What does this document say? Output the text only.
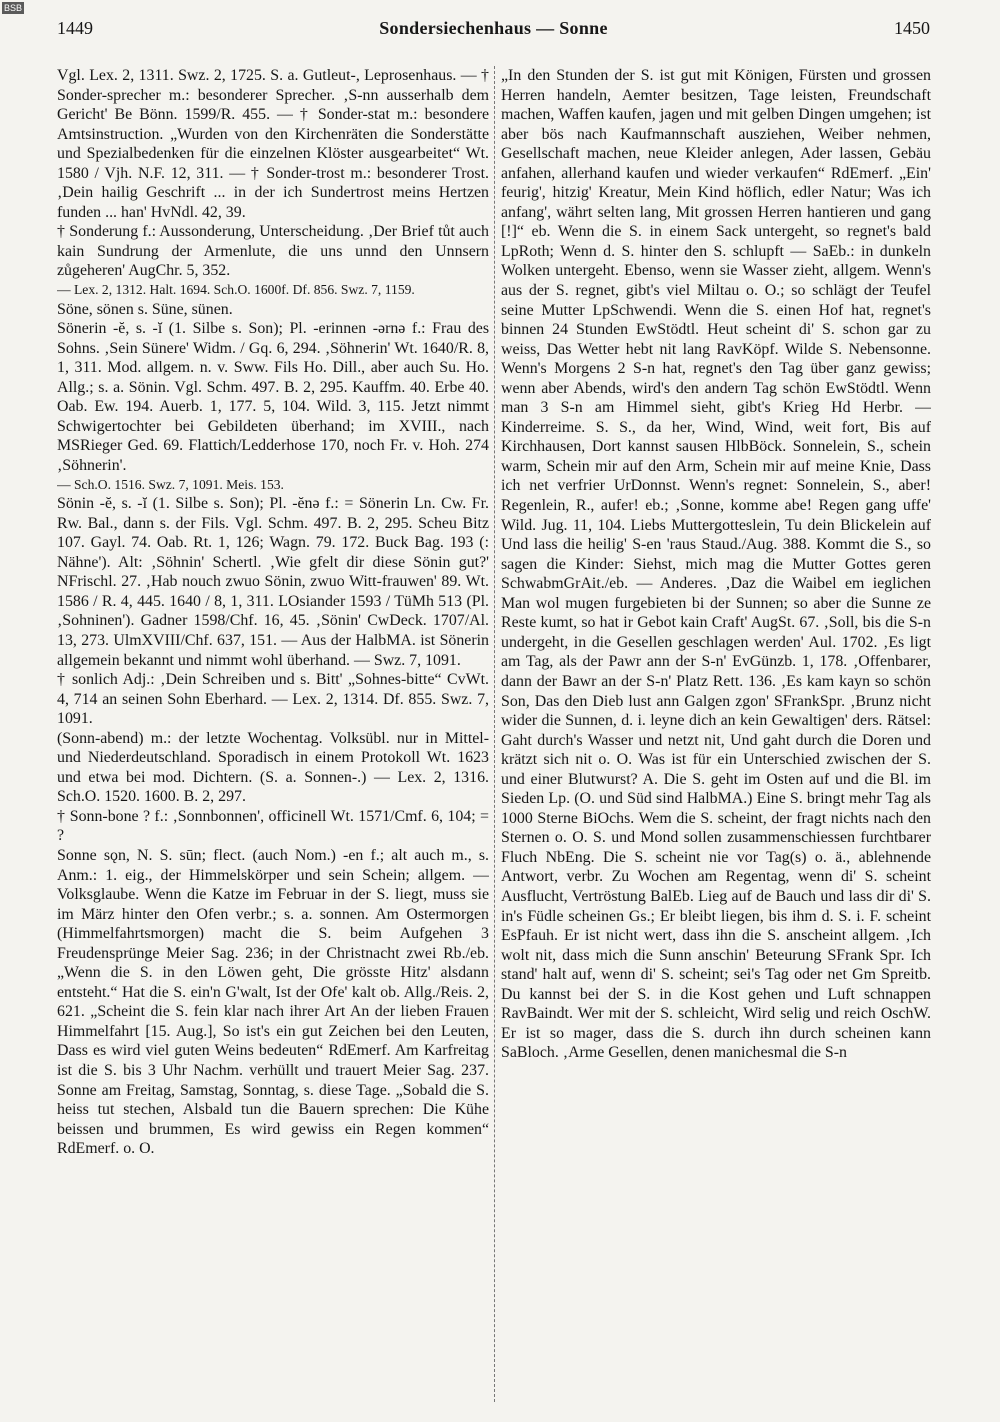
BSB
1449	Sondersiechenhaus — Sonne	1450

Vgl. Lex. 2, 1311. Swz. 2, 1725. S. a. Gutleut-, Leprosenhaus. — † Sonder-sprecher m.: besonderer Sprecher. ‚S-nn ausserhalb dem Gericht' Be Bönn. 1599/R. 455. — † Sonder-stat m.: besondere Amtsinstruction. „Wurden von den Kirchenräten die Sonderstätte und Spezialbedenken für die einzelnen Klöster ausgearbeitet“ Wt. 1580 / Vjh. N.F. 12, 311. — † Sonder-trost m.: besonderer Trost. ‚Dein hailig Geschrift ... in der ich Sundertrost meins Hertzen funden ... han' HvNdl. 42, 39.

† Sonderung f.: Aussonderung, Unterscheidung. ‚Der Brief tůt auch kain Sundrung der Armenlute, die uns unnd den Unnsern zůgeheren' AugChr. 5, 352.

— Lex. 2, 1312. Halt. 1694. Sch.O. 1600f. Df. 856. Swz. 7, 1159.

Söne, sönen s. Süne, sünen.

Sönerin -ĕ, s. -ĭ (1. Silbe s. Son); Pl. -erinnen -ərnə f.: Frau des Sohns. ‚Sein Sünere' Widm. / Gq. 6, 294. ‚Söhnerin' Wt. 1640/R. 8, 1, 311. Mod. allgem. n. v. Sww. Fils Ho. Dill., aber auch Su. Ho. Allg.; s. a. Sönin. Vgl. Schm. 497. B. 2, 295. Kauffm. 40. Erbe 40. Oab. Ew. 194. Auerb. 1, 177. 5, 104. Wild. 3, 115. Jetzt nimmt Schwigertochter bei Gebildeten überhand; im XVIII., nach MSRieger Ged. 69. Flattich/Ledderhose 170, noch Fr. v. Hoh. 274 ‚Söhnerin'.

— Sch.O. 1516. Swz. 7, 1091. Meis. 153.

Sönin -ĕ, s. -ĭ (1. Silbe s. Son); Pl. -ĕnə f.: = Sönerin Ln. Cw. Fr. Rw. Bal., dann s. der Fils. Vgl. Schm. 497. B. 2, 295. Scheu Bitz 107. Gayl. 74. Oab. Rt. 1, 126; Wagn. 79. 172. Buck Bag. 193 (: Nähne'). Alt: ‚Söhnin' Schertl. ‚Wie gfelt dir diese Sönin gut?' NFrischl. 27. ‚Hab nouch zwuo Sönin, zwuo Witt-frauwen' 89. Wt. 1586 / R. 4, 445. 1640 / 8, 1, 311. LOsiander 1593 / TüMh 513 (Pl. ‚Sohninen'). Gadner 1598/Chf. 16, 45. ‚Sönin' CwDeck. 1707/Al. 13, 273. UlmXVIII/Chf. 637, 151. — Aus der HalbMA. ist Sönerin allgemein bekannt und nimmt wohl überhand. — Swz. 7, 1091.

† sonlich Adj.: ‚Dein Schreiben und s. Bitt' „Sohnes-bitte“ CvWt. 4, 714 an seinen Sohn Eberhard. — Lex. 2, 1314. Df. 855. Swz. 7, 1091.

(Sonn-abend) m.: der letzte Wochentag. Volksübl. nur in Mittel- und Niederdeutschland. Sporadisch in einem Protokoll Wt. 1623 und etwa bei mod. Dichtern. (S. a. Sonnen-.) — Lex. 2, 1316. Sch.O. 1520. 1600. B. 2, 297.

† Sonn-bone ? f.: ‚Sonnbonnen', officinell Wt. 1571/Cmf. 6, 104; = ?

Sonne sǫn, N. S. sūn; flect. (auch Nom.) -en f.; alt auch m., s. Anm.: 1. eig., der Himmelskörper und sein Schein; allgem. — Volksglaube. Wenn die Katze im Februar in der S. liegt, muss sie im März hinter den Ofen verbr.; s. a. sonnen. Am Ostermorgen (Himmelfahrtsmorgen) macht die S. beim Aufgehen 3 Freudensprünge Meier Sag. 236; in der Christnacht zwei Rb./eb. „Wenn die S. in den Löwen geht, Die grösste Hitz' alsdann entsteht.“ Hat die S. ein'n G'walt, Ist der Ofe' kalt ob. Allg./Reis. 2, 621. „Scheint die S. fein klar nach ihrer Art An der lieben Frauen Himmelfahrt [15. Aug.], So ist's ein gut Zeichen bei den Leuten, Dass es wird viel guten Weins bedeuten“ RdEmerf. Am Karfreitag ist die S. bis 3 Uhr Nachm. verhüllt und trauert Meier Sag. 237. Sonne am Freitag, Samstag, Sonntag, s. diese Tage. „Sobald die S. heiss tut stechen, Alsbald tun die Bauern sprechen: Die Kühe beissen und brummen, Es wird gewiss ein Regen kommen“ RdEmerf. o. O.

„In den Stunden der S. ist gut mit Königen, Fürsten und grossen Herren handeln, Aemter besitzen, Tage leisten, Freundschaft machen, Waffen kaufen, jagen und mit gelben Dingen umgehen; ist aber bös nach Kaufmannschaft ausziehen, Weiber nehmen, Gesellschaft machen, neue Kleider anlegen, Ader lassen, Gebäu anfahen, allerhand kaufen und wieder verkaufen“ RdEmerf. „Ein' feurig', hitzig' Kreatur, Mein Kind höflich, edler Natur; Was ich anfang', währt selten lang, Mit grossen Herren hantieren und gang [!]“ eb. Wenn die S. in einem Sack untergeht, so regnet's bald LpRoth; Wenn d. S. hinter den S. schlupft — SaEb.: in dunkeln Wolken untergeht. Ebenso, wenn sie Wasser zieht, allgem. Wenn's aus der S. regnet, gibt's viel Miltau o. O.; so schlägt der Teufel seine Mutter LpSchwendi. Wenn die S. einen Hof hat, regnet's binnen 24 Stunden EwStödtl. Heut scheint di' S. schon gar zu weiss, Das Wetter hebt nit lang RavKöpf. Wilde S. Nebensonne. Wenn's Morgens 2 S-n hat, regnet's den Tag über ganz gewiss; wenn aber Abends, wird's den andern Tag schön EwStödtl. Wenn man 3 S-n am Himmel sieht, gibt's Krieg Hd Herbr. — Kinderreime. S. S., da her, Wind, Wind, weit fort, Bis auf Kirchhausen, Dort kannst sausen HlbBöck. Sonnelein, S., schein warm, Schein mir auf den Arm, Schein mir auf meine Knie, Dass ich net verfrier UrDonnst. Wenn's regnet: Sonnelein, S., aber! Regenlein, R., aufer! eb.; ‚Sonne, komme abe! Regen gang uffe' Wild. Jug. 11, 104. Liebs Muttergotteslein, Tu dein Blickelein auf Und lass die heilig' S-en 'raus Staud./Aug. 388. Kommt die S., so sagen die Kinder: Siehst, mich mag die Mutter Gottes geren SchwabmGrAit./eb. — Anderes. ‚Daz die Waibel em ieglichen Man wol mugen furgebieten bi der Sunnen; so aber die Sunne ze Reste kumt, so hat ir Gebot kain Craft' AugSt. 67. ‚Soll, bis die S-n undergeht, in die Gesellen geschlagen werden' Aul. 1702. ‚Es ligt am Tag, als der Pawr ann der S-n' EvGünzb. 1, 178. ‚Offenbarer, dann der Bawr an der S-n' Platz Rett. 136. ‚Es kam kayn so schön Son, Das den Dieb lust ann Galgen zgon' SFrankSpr. ‚Brunz nicht wider die Sunnen, d. i. leyne dich an kein Gewaltigen' ders. Rätsel: Gaht durch's Wasser und netzt nit, Und gaht durch die Doren und krätzt sich nit o. O. Was ist für ein Unterschied zwischen der S. und einer Blutwurst? A. Die S. geht im Osten auf und die Bl. im Sieden Lp. (O. und Süd sind HalbMA.) Eine S. bringt mehr Tag als 1000 Sterne BiOchs. Wem die S. scheint, der fragt nichts nach den Sternen o. O. S. und Mond sollen zusammenschiessen furchtbarer Fluch NbEng. Die S. scheint nie vor Tag(s) o. ä., ablehnende Antwort, verbr. Zu Wochen am Regentag, wenn di' S. scheint Ausflucht, Vertröstung BalEb. Lieg auf de Bauch und lass dir di' S. in's Füdle scheinen Gs.; Er bleibt liegen, bis ihm d. S. i. F. scheint EsPfauh. Er ist nicht wert, dass ihn die S. anscheint allgem. ‚Ich wolt nit, dass mich die Sunn anschin' Beteurung SFrank Spr. Ich stand' halt auf, wenn di' S. scheint; sei's Tag oder net Gm Spreitb. Du kannst bei der S. in die Kost gehen und Luft schnappen RavBaindt. Wer mit der S. schleicht, Wird selig und reich OschW. Er ist so mager, dass die S. durch ihn durch scheinen kann SaBloch. ‚Arme Gesellen, denen manichesmal die S-n
